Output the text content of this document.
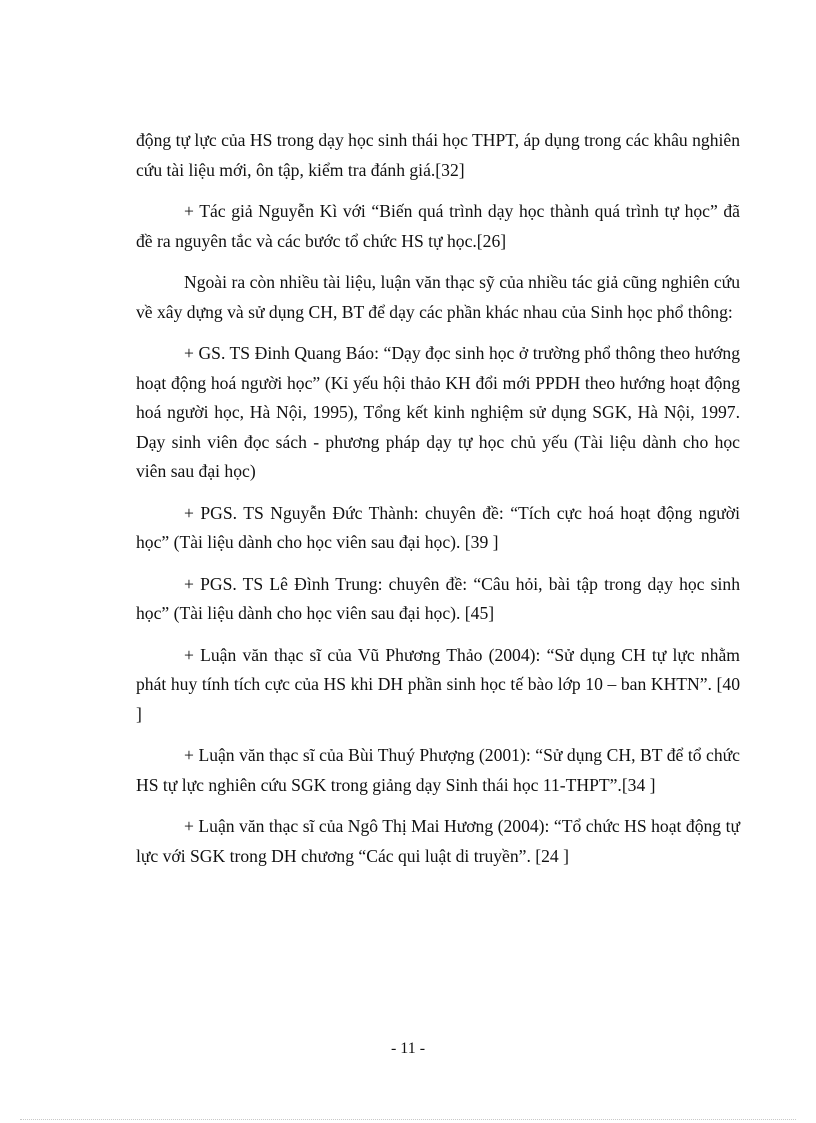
động tự lực của HS trong dạy học sinh thái học THPT, áp dụng trong các khâu nghiên cứu tài liệu mới, ôn tập, kiểm tra đánh giá.[32]

+ Tác giả Nguyễn Kì với “Biến quá trình dạy học thành quá trình tự học” đã đề ra nguyên tắc và các bước tổ chức HS tự học.[26]

Ngoài ra còn nhiều tài liệu, luận văn thạc sỹ của nhiều tác giả cũng nghiên cứu về xây dựng và sử dụng CH, BT để dạy các phần khác nhau của Sinh học phổ thông:

+ GS. TS Đinh Quang Báo: “Dạy đọc sinh học ở trường phổ thông theo hướng hoạt động hoá người học” (Kỉ yếu hội thảo KH đổi mới PPDH theo hướng hoạt động hoá người học, Hà Nội, 1995), Tổng kết kinh nghiệm sử dụng SGK, Hà Nội, 1997. Dạy sinh viên đọc sách - phương pháp dạy tự học chủ yếu (Tài liệu dành cho học viên sau đại học)

+ PGS. TS Nguyễn Đức Thành: chuyên đề: “Tích cực hoá hoạt động người học” (Tài liệu dành cho học viên sau đại học). [39 ]

+ PGS. TS Lê Đình Trung: chuyên đề: “Câu hỏi, bài tập trong dạy học sinh học” (Tài liệu dành cho học viên sau đại học). [45]

+ Luận văn thạc sĩ của Vũ Phương Thảo (2004): “Sử dụng CH tự lực nhằm phát huy tính tích cực của HS khi DH phần sinh học tế bào lớp 10 – ban KHTN”. [40 ]

+ Luận văn thạc sĩ của Bùi Thuý Phượng (2001): “Sử dụng CH, BT để tổ chức HS tự lực nghiên cứu SGK trong giảng dạy Sinh thái học 11-THPT”.[34 ]

+ Luận văn thạc sĩ của Ngô Thị Mai Hương (2004): “Tổ chức HS hoạt động tự lực với SGK trong DH chương “Các qui luật di truyền”. [24 ]

- 11 -
